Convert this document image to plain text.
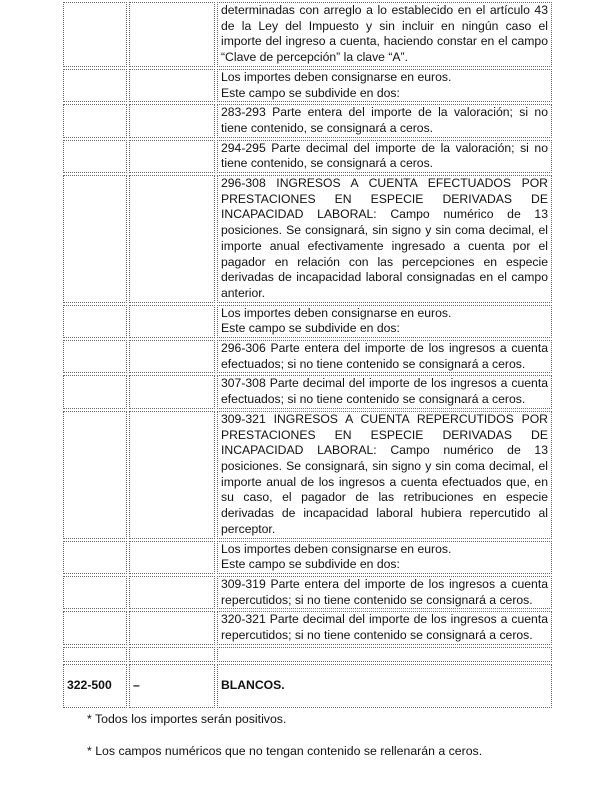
		determinadas con arreglo a lo establecido en el artículo 43 de la Ley del Impuesto y sin incluir en ningún caso el importe del ingreso a cuenta, haciendo constar en el campo “Clave de percepción” la clave “A”.

		Los importes deben consignarse en euros.
Este campo se subdivide en dos:

		283-293 Parte entera del importe de la valoración; si no tiene contenido, se consignará a ceros.
		294-295 Parte decimal del importe de la valoración; si no tiene contenido, se consignará a ceros.
		296-308 INGRESOS A CUENTA EFECTUADOS POR PRESTACIONES EN ESPECIE DERIVADAS DE INCAPACIDAD LABORAL: Campo numérico de 13 posiciones. Se consignará, sin signo y sin coma decimal, el importe anual efectivamente ingresado a cuenta por el pagador en relación con las percepciones en especie derivadas de incapacidad laboral consignadas en el campo anterior.

		Los importes deben consignarse en euros.
Este campo se subdivide en dos:

		296-306 Parte entera del importe de los ingresos a cuenta efectuados; si no tiene contenido se consignará a ceros.
		307-308 Parte decimal del importe de los ingresos a cuenta efectuados; si no tiene contenido se consignará a ceros.
		309-321 INGRESOS A CUENTA REPERCUTIDOS POR PRESTACIONES EN ESPECIE DERIVADAS DE INCAPACIDAD LABORAL: Campo numérico de 13 posiciones. Se consignará, sin signo y sin coma decimal, el importe anual de los ingresos a cuenta efectuados que, en su caso, el pagador de las retribuciones en especie derivadas de incapacidad laboral hubiera repercutido al perceptor.

		Los importes deben consignarse en euros.
Este campo se subdivide en dos:

		309-319 Parte entera del importe de los ingresos a cuenta repercutidos; si no tiene contenido se consignará a ceros.
		320-321 Parte decimal del importe de los ingresos a cuenta repercutidos; si no tiene contenido se consignará a ceros.

322-500	–	BLANCOS.

* Todos los importes serán positivos.

* Los campos numéricos que no tengan contenido se rellenarán a ceros.
